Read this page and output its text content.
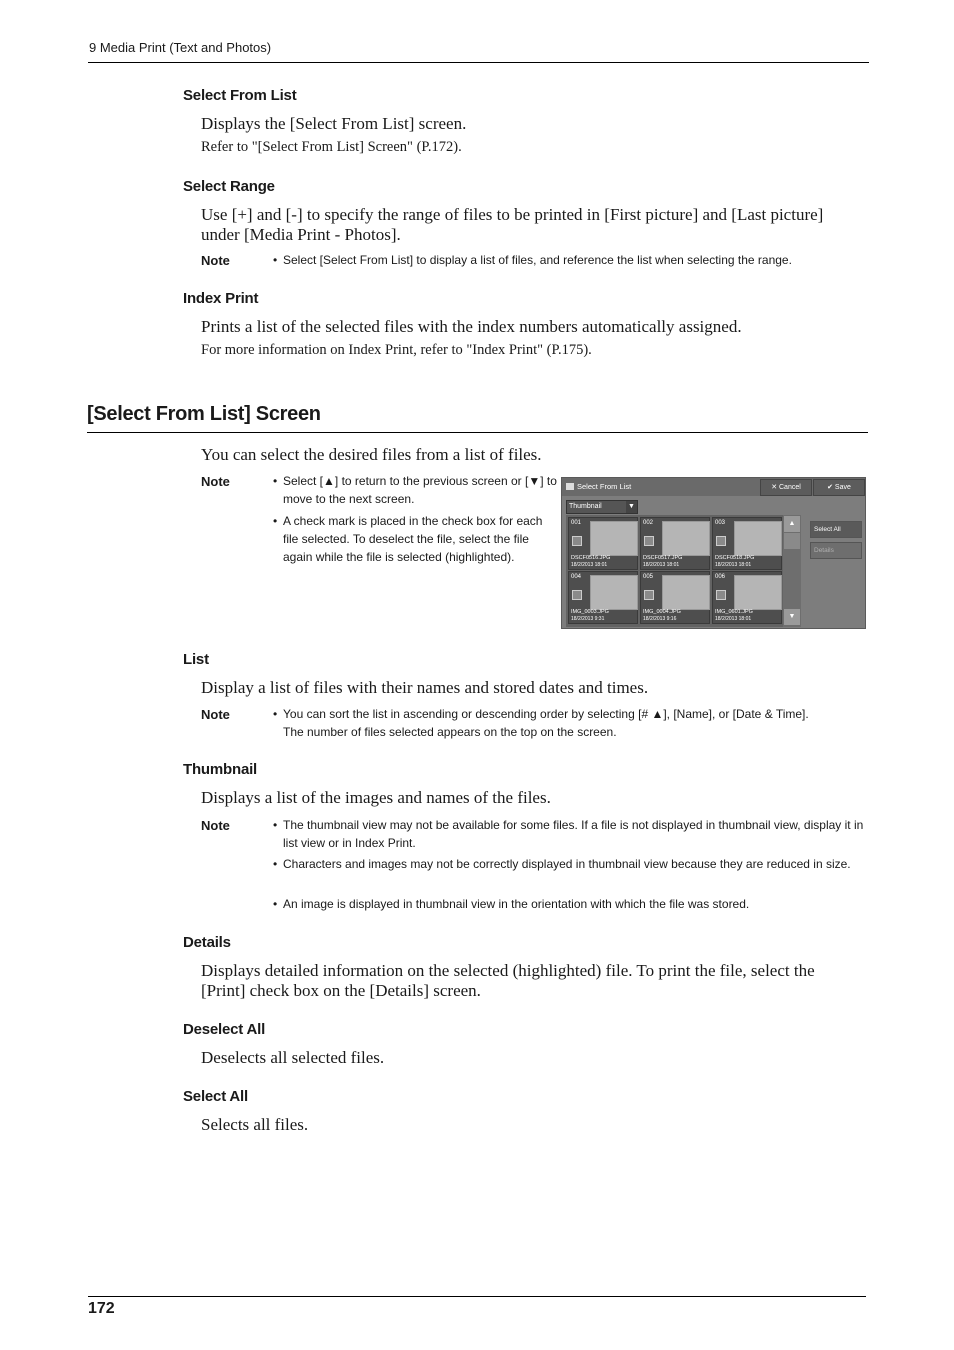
9 Media Print (Text and Photos)
Select From List
Displays the [Select From List] screen.
Refer to "[Select From List] Screen" (P.172).
Select Range
Use [+] and [-] to specify the range of files to be printed in [First picture] and [Last picture]
under [Media Print - Photos].
Note	• Select [Select From List] to display a list of files, and reference the list when selecting the range.
Index Print
Prints a list of the selected files with the index numbers automatically assigned.
For more information on Index Print, refer to "Index Print" (P.175).
[Select From List] Screen
You can select the desired files from a list of files.
Note	• Select [▲] to return to the previous screen or [▼] to move to the next screen.
• A check mark is placed in the check box for each file selected. To deselect the file, select the file again while the file is selected (highlighted).
Select From List	✕ Cancel	✔ Save
Thumbnail	▼
001
DSCF0516.JPG
18/2/2013 18:01
002
DSCF0517.JPG
18/2/2013 18:01
003
DSCF0518.JPG
18/2/2013 18:01
004
IMG_0003.JPG
18/2/2013 9:31
005
IMG_0004.JPG
18/2/2013 9:16
006
IMG_0601.JPG
18/2/2013 18:01
▲
▼
Select All
Details
List
Display a list of files with their names and stored dates and times.
Note	• You can sort the list in ascending or descending order by selecting [# ▲], [Name], or [Date & Time].
The number of files selected appears on the top on the screen.
Thumbnail
Displays a list of the images and names of the files.
Note	• The thumbnail view may not be available for some files. If a file is not displayed in thumbnail view, display it in list view or in Index Print.
• Characters and images may not be correctly displayed in thumbnail view because they are reduced in size.
• An image is displayed in thumbnail view in the orientation with which the file was stored.
Details
Displays detailed information on the selected (highlighted) file. To print the file, select the
[Print] check box on the [Details] screen.
Deselect All
Deselects all selected files.
Select All
Selects all files.
172
